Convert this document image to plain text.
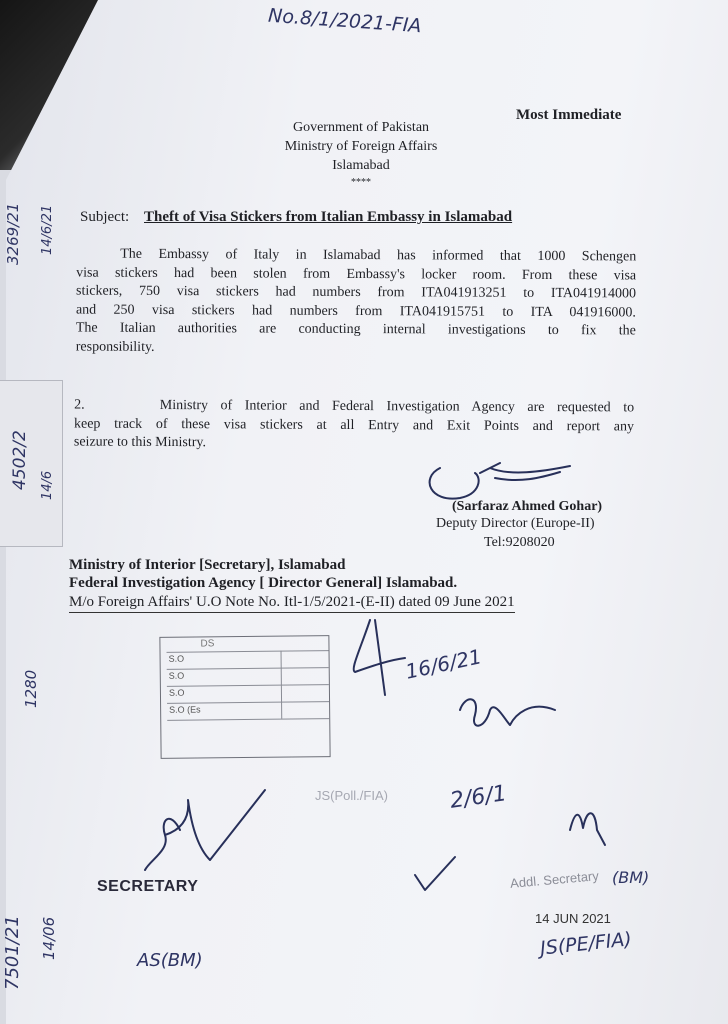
No.8/1/2021-FIA
Most Immediate
Government of Pakistan
Ministry of Foreign Affairs
Islamabad
****
Subject: Theft of Visa Stickers from Italian Embassy in Islamabad
The Embassy of Italy in Islamabad has informed that 1000 Schengen
visa stickers had been stolen from Embassy's locker room. From these visa
stickers, 750 visa stickers had numbers from ITA041913251 to ITA041914000
and 250 visa stickers had numbers from ITA041915751 to ITA 041916000.
The Italian authorities are conducting internal investigations to fix the
responsibility.
2.      Ministry of Interior and Federal Investigation Agency are requested to
keep track of these visa stickers at all Entry and Exit Points and report any
seizure to this Ministry.
(Sarfaraz Ahmed Gohar)
Deputy Director (Europe-II)
Tel:9208020
Ministry of Interior [Secretary], Islamabad
Federal Investigation Agency [ Director General] Islamabad.
M/o Foreign Affairs' U.O Note No. Itl-1/5/2021-(E-II) dated 09 June 2021
DS
S.O
S.O
S.O
S.O (Es
SECRETARY
JS(Poll./FIA)
Addl. Secretary
14 JUN 2021
3269/21 14/6/21
4502/2 14/6
1280
7501/21 14/06
16/6/21
2/6/1
(BM)
AS(BM)
JS(PE/FIA)
